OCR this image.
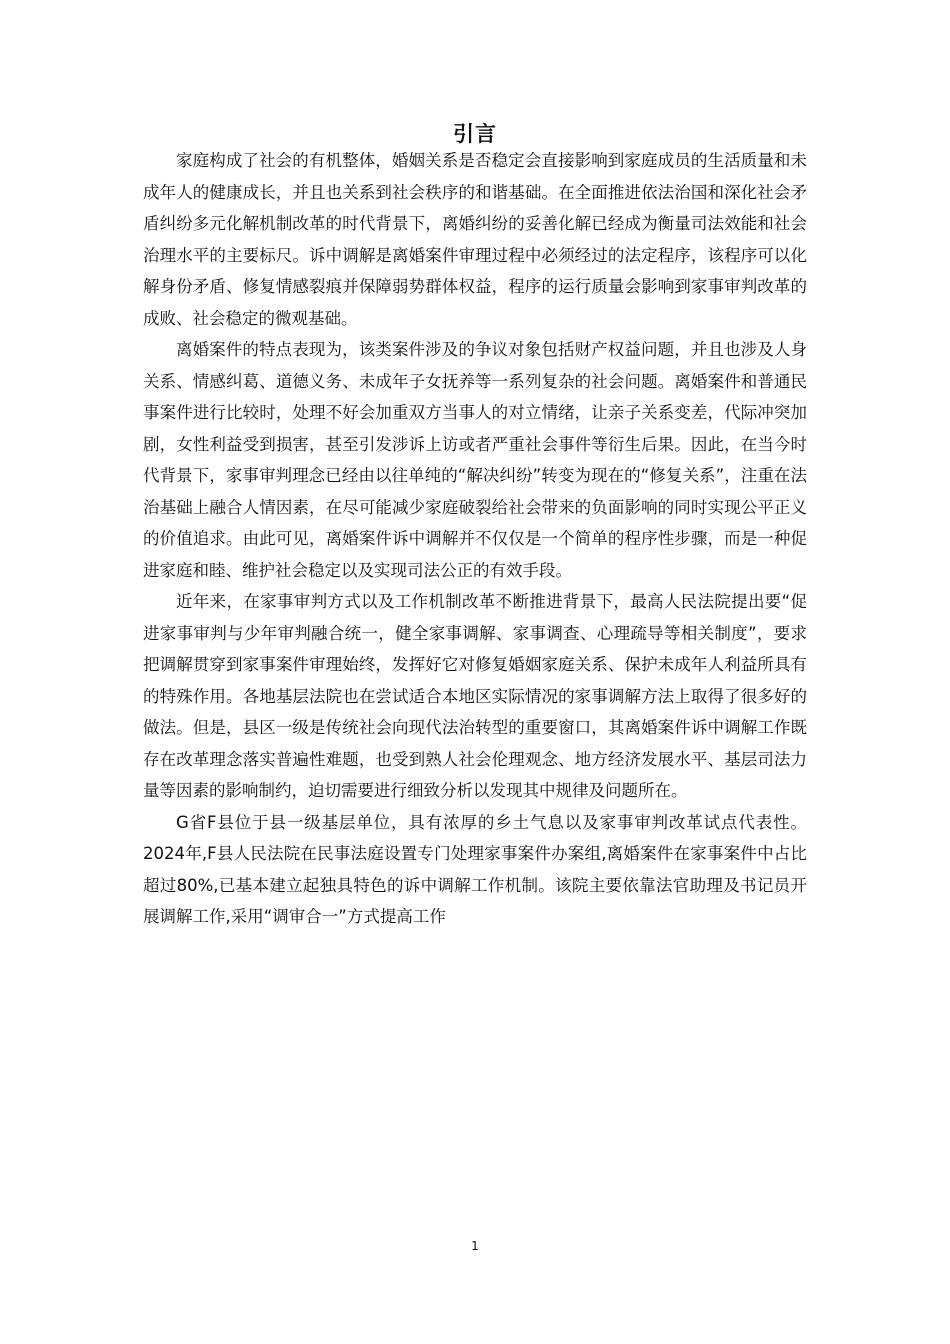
引言

家庭构成了社会的有机整体，婚姻关系是否稳定会直接影响到家庭成员的生活质量和未成年人的健康成长，并且也关系到社会秩序的和谐基础。在全面推进依法治国和深化社会矛盾纠纷多元化解机制改革的时代背景下，离婚纠纷的妥善化解已经成为衡量司法效能和社会治理水平的主要标尺。诉中调解是离婚案件审理过程中必须经过的法定程序，该程序可以化解身份矛盾、修复情感裂痕并保障弱势群体权益，程序的运行质量会影响到家事审判改革的成败、社会稳定的微观基础。

离婚案件的特点表现为，该类案件涉及的争议对象包括财产权益问题，并且也涉及人身关系、情感纠葛、道德义务、未成年子女抚养等一系列复杂的社会问题。离婚案件和普通民事案件进行比较时，处理不好会加重双方当事人的对立情绪，让亲子关系变差，代际冲突加剧，女性利益受到损害，甚至引发涉诉上访或者严重社会事件等衍生后果。因此，在当今时代背景下，家事审判理念已经由以往单纯的“解决纠纷”转变为现在的“修复关系”，注重在法治基础上融合人情因素，在尽可能减少家庭破裂给社会带来的负面影响的同时实现公平正义的价值追求。由此可见，离婚案件诉中调解并不仅仅是一个简单的程序性步骤，而是一种促进家庭和睦、维护社会稳定以及实现司法公正的有效手段。

近年来，在家事审判方式以及工作机制改革不断推进背景下，最高人民法院提出要“促进家事审判与少年审判融合统一，健全家事调解、家事调查、心理疏导等相关制度”，要求把调解贯穿到家事案件审理始终，发挥好它对修复婚姻家庭关系、保护未成年人利益所具有的特殊作用。各地基层法院也在尝试适合本地区实际情况的家事调解方法上取得了很多好的做法。但是，县区一级是传统社会向现代法治转型的重要窗口，其离婚案件诉中调解工作既存在改革理念落实普遍性难题，也受到熟人社会伦理观念、地方经济发展水平、基层司法力量等因素的影响制约，迫切需要进行细致分析以发现其中规律及问题所在。

G省F县位于县一级基层单位，具有浓厚的乡土气息以及家事审判改革试点代表性。2024年,F县人民法院在民事法庭设置专门处理家事案件办案组,离婚案件在家事案件中占比超过80%,已基本建立起独具特色的诉中调解工作机制。该院主要依靠法官助理及书记员开展调解工作,采用“调审合一”方式提高工作

1
